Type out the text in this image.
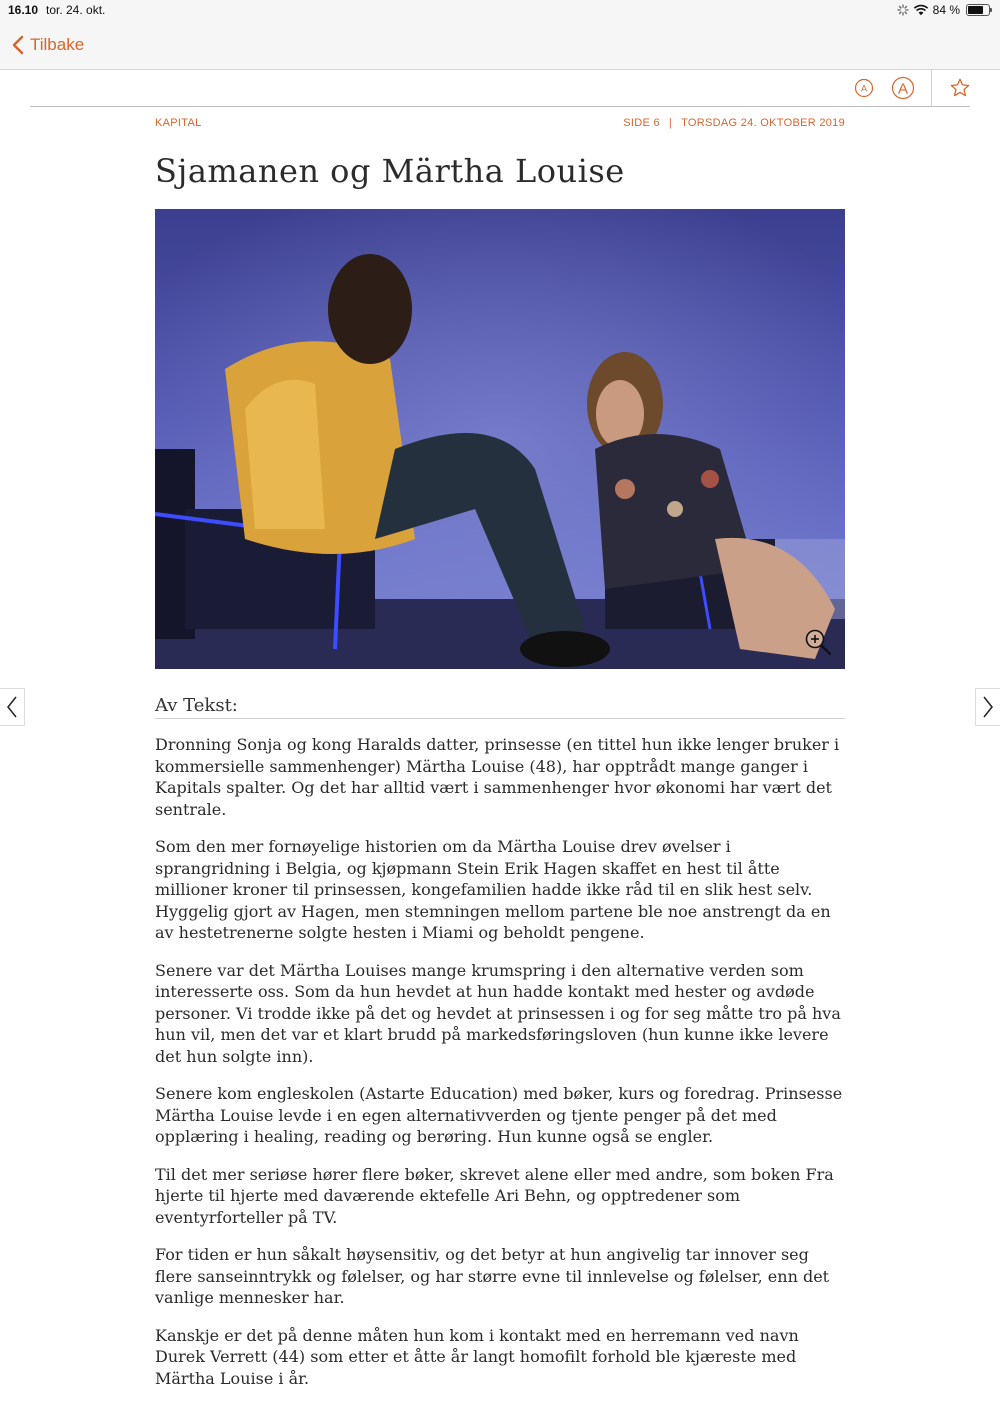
16.10 tor. 24. okt.	84 %
Tilbake
A A
KAPITAL	SIDE 6 | TORSDAG 24. OKTOBER 2019
Sjamanen og Märtha Louise
Av Tekst:

Dronning Sonja og kong Haralds datter, prinsesse (en tittel hun ikke lenger bruker i kommersielle sammenhenger) Märtha Louise (48), har opptrådt mange ganger i Kapitals spalter. Og det har alltid vært i sammenhenger hvor økonomi har vært det sentrale.

Som den mer fornøyelige historien om da Märtha Louise drev øvelser i sprangridning i Belgia, og kjøpmann Stein Erik Hagen skaffet en hest til åtte millioner kroner til prinsessen, kongefamilien hadde ikke råd til en slik hest selv. Hyggelig gjort av Hagen, men stemningen mellom partene ble noe anstrengt da en av hestetrenerne solgte hesten i Miami og beholdt pengene.

Senere var det Märtha Louises mange krumspring i den alternative verden som interesserte oss. Som da hun hevdet at hun hadde kontakt med hester og avdøde personer. Vi trodde ikke på det og hevdet at prinsessen i og for seg måtte tro på hva hun vil, men det var et klart brudd på markedsføringsloven (hun kunne ikke levere det hun solgte inn).

Senere kom engleskolen (Astarte Education) med bøker, kurs og foredrag. Prinsesse Märtha Louise levde i en egen alternativverden og tjente penger på det med opplæring i healing, reading og berøring. Hun kunne også se engler.

Til det mer seriøse hører flere bøker, skrevet alene eller med andre, som boken Fra hjerte til hjerte med daværende ektefelle Ari Behn, og opptredener som eventyrforteller på TV.

For tiden er hun såkalt høysensitiv, og det betyr at hun angivelig tar innover seg flere sanseinntrykk og følelser, og har større evne til innlevelse og følelser, enn det vanlige mennesker har.

Kanskje er det på denne måten hun kom i kontakt med en herremann ved navn Durek Verrett (44) som etter et åtte år langt homofilt forhold ble kjæreste med Märtha Louise i år.
